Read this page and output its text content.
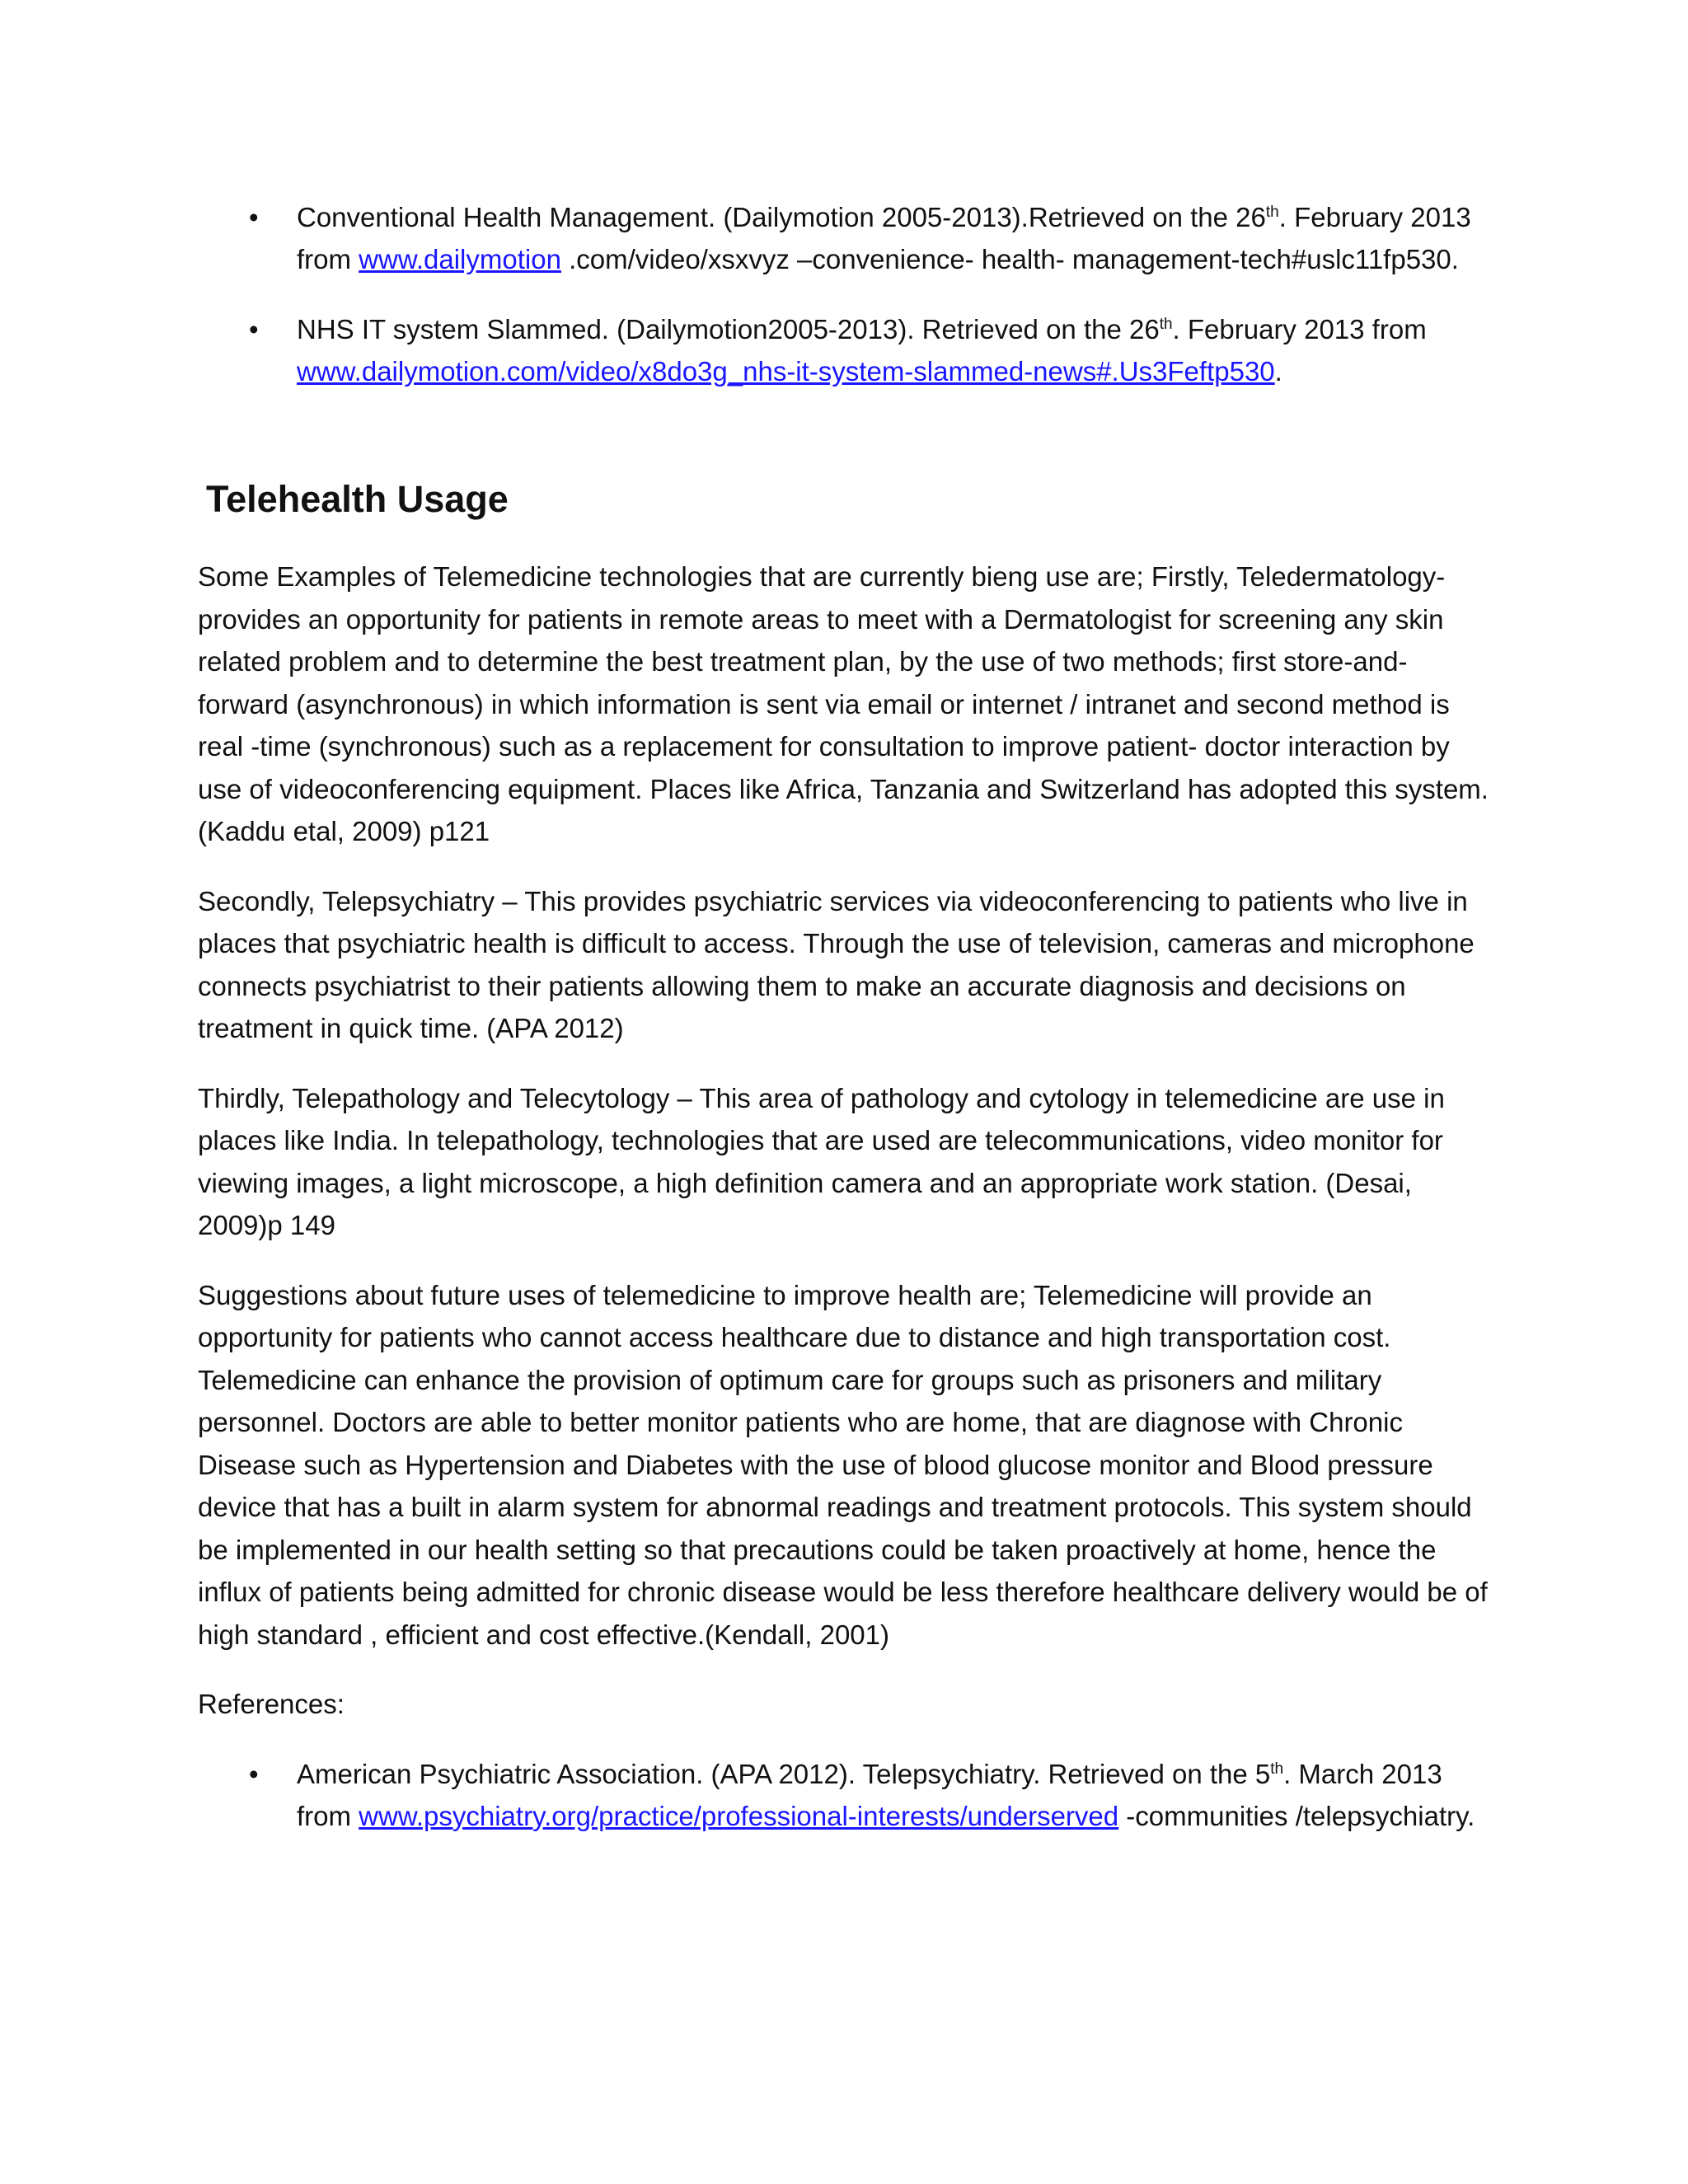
•	Conventional Health Management. (Dailymotion 2005-2013).Retrieved on the 26th. February 2013 from www.dailymotion .com/video/xsxvyz –convenience- health- management-tech#uslc11fp530.
•	NHS IT system Slammed. (Dailymotion2005-2013). Retrieved on the 26th. February 2013 from www.dailymotion.com/video/x8do3g_nhs-it-system-slammed-news#.Us3Feftp530.
Telehealth Usage

Some Examples of Telemedicine technologies that are currently bieng use are; Firstly, Teledermatology- provides an opportunity for patients in remote areas to meet with a Dermatologist for screening any skin related problem and to determine the best treatment plan, by the use of two methods; first store-and- forward (asynchronous) in which information is sent via email or internet / intranet and second method is real -time (synchronous) such as a replacement for consultation to improve patient- doctor interaction by use of videoconferencing equipment. Places like Africa, Tanzania and Switzerland has adopted this system. (Kaddu etal, 2009) p121

Secondly, Telepsychiatry – This provides psychiatric services via videoconferencing to patients who live in places that psychiatric health is difficult to access. Through the use of television, cameras and microphone connects psychiatrist to their patients allowing them to make an accurate diagnosis and decisions on treatment in quick time. (APA 2012)

Thirdly, Telepathology and Telecytology – This area of pathology and cytology in telemedicine are use in places like India. In telepathology, technologies that are used are telecommunications, video monitor for viewing images, a light microscope, a high definition camera and an appropriate work station. (Desai, 2009)p 149

Suggestions about future uses of telemedicine to improve health are; Telemedicine will provide an opportunity for patients who cannot access healthcare due to distance and high transportation cost. Telemedicine can enhance the provision of optimum care for groups such as prisoners and military personnel. Doctors are able to better monitor patients who are home, that are diagnose with Chronic Disease such as Hypertension and Diabetes with the use of blood glucose monitor and Blood pressure device that has a built in alarm system for abnormal readings and treatment protocols. This system should be implemented in our health setting so that precautions could be taken proactively at home, hence the influx of patients being admitted for chronic disease would be less therefore healthcare delivery would be of high standard , efficient and cost effective.(Kendall, 2001)

References:

•	American Psychiatric Association. (APA 2012). Telepsychiatry. Retrieved on the 5th. March 2013 from www.psychiatry.org/practice/professional-interests/underserved -communities /telepsychiatry.
